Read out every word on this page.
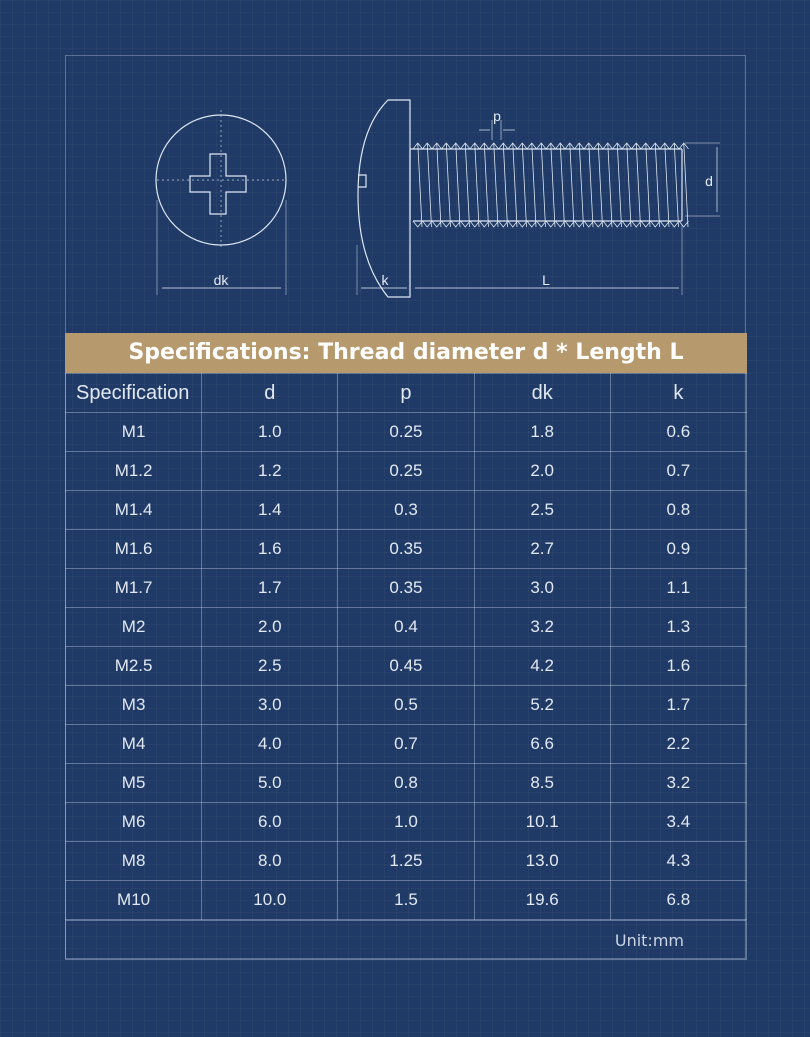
dk	k	L
p
d
Specifications: Thread diameter d * Length L
Specification	d	p	dk	k
M1	1.0	0.25	1.8	0.6
M1.2	1.2	0.25	2.0	0.7
M1.4	1.4	0.3	2.5	0.8
M1.6	1.6	0.35	2.7	0.9
M1.7	1.7	0.35	3.0	1.1
M2	2.0	0.4	3.2	1.3
M2.5	2.5	0.45	4.2	1.6
M3	3.0	0.5	5.2	1.7
M4	4.0	0.7	6.6	2.2
M5	5.0	0.8	8.5	3.2
M6	6.0	1.0	10.1	3.4
M8	8.0	1.25	13.0	4.3
M10	10.0	1.5	19.6	6.8
Unit:mm
